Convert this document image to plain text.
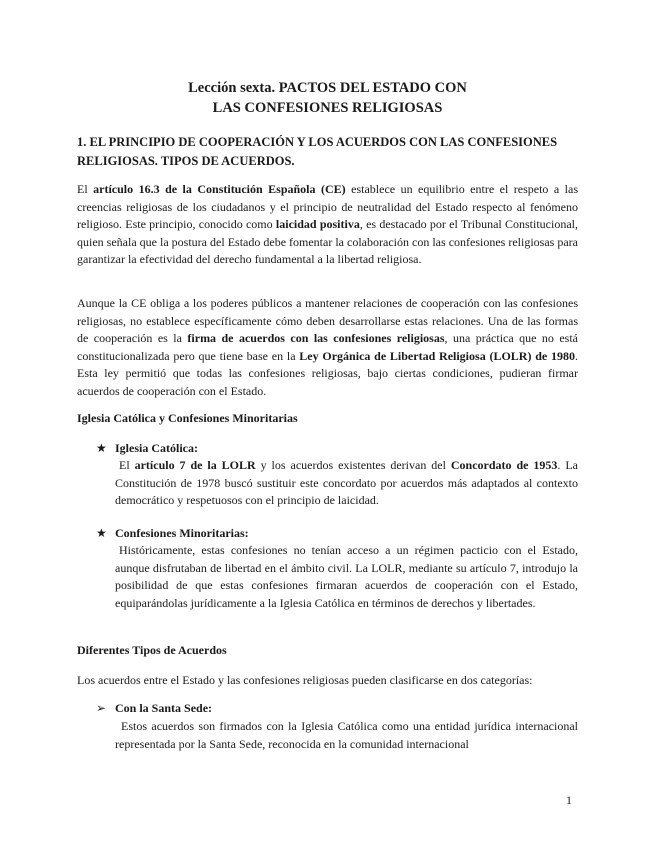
Lección sexta. PACTOS DEL ESTADO CON
LAS CONFESIONES RELIGIOSAS
1. EL PRINCIPIO DE COOPERACIÓN Y LOS ACUERDOS CON LAS CONFESIONES
RELIGIOSAS. TIPOS DE ACUERDOS.
El artículo 16.3 de la Constitución Española (CE) establece un equilibrio entre el respeto a las creencias religiosas de los ciudadanos y el principio de neutralidad del Estado respecto al fenómeno religioso. Este principio, conocido como laicidad positiva, es destacado por el Tribunal Constitucional, quien señala que la postura del Estado debe fomentar la colaboración con las confesiones religiosas para garantizar la efectividad del derecho fundamental a la libertad religiosa.
Aunque la CE obliga a los poderes públicos a mantener relaciones de cooperación con las confesiones religiosas, no establece específicamente cómo deben desarrollarse estas relaciones. Una de las formas de cooperación es la firma de acuerdos con las confesiones religiosas, una práctica que no está constitucionalizada pero que tiene base en la Ley Orgánica de Libertad Religiosa (LOLR) de 1980. Esta ley permitió que todas las confesiones religiosas, bajo ciertas condiciones, pudieran firmar acuerdos de cooperación con el Estado.
Iglesia Católica y Confesiones Minoritarias
★ Iglesia Católica:
El artículo 7 de la LOLR y los acuerdos existentes derivan del Concordato de 1953. La Constitución de 1978 buscó sustituir este concordato por acuerdos más adaptados al contexto democrático y respetuosos con el principio de laicidad.
★ Confesiones Minoritarias:
Históricamente, estas confesiones no tenían acceso a un régimen pacticio con el Estado, aunque disfrutaban de libertad en el ámbito civil. La LOLR, mediante su artículo 7, introdujo la posibilidad de que estas confesiones firmaran acuerdos de cooperación con el Estado, equiparándolas jurídicamente a la Iglesia Católica en términos de derechos y libertades.
Diferentes Tipos de Acuerdos
Los acuerdos entre el Estado y las confesiones religiosas pueden clasificarse en dos categorías:
➢ Con la Santa Sede:
Estos acuerdos son firmados con la Iglesia Católica como una entidad jurídica internacional representada por la Santa Sede, reconocida en la comunidad internacional
1
